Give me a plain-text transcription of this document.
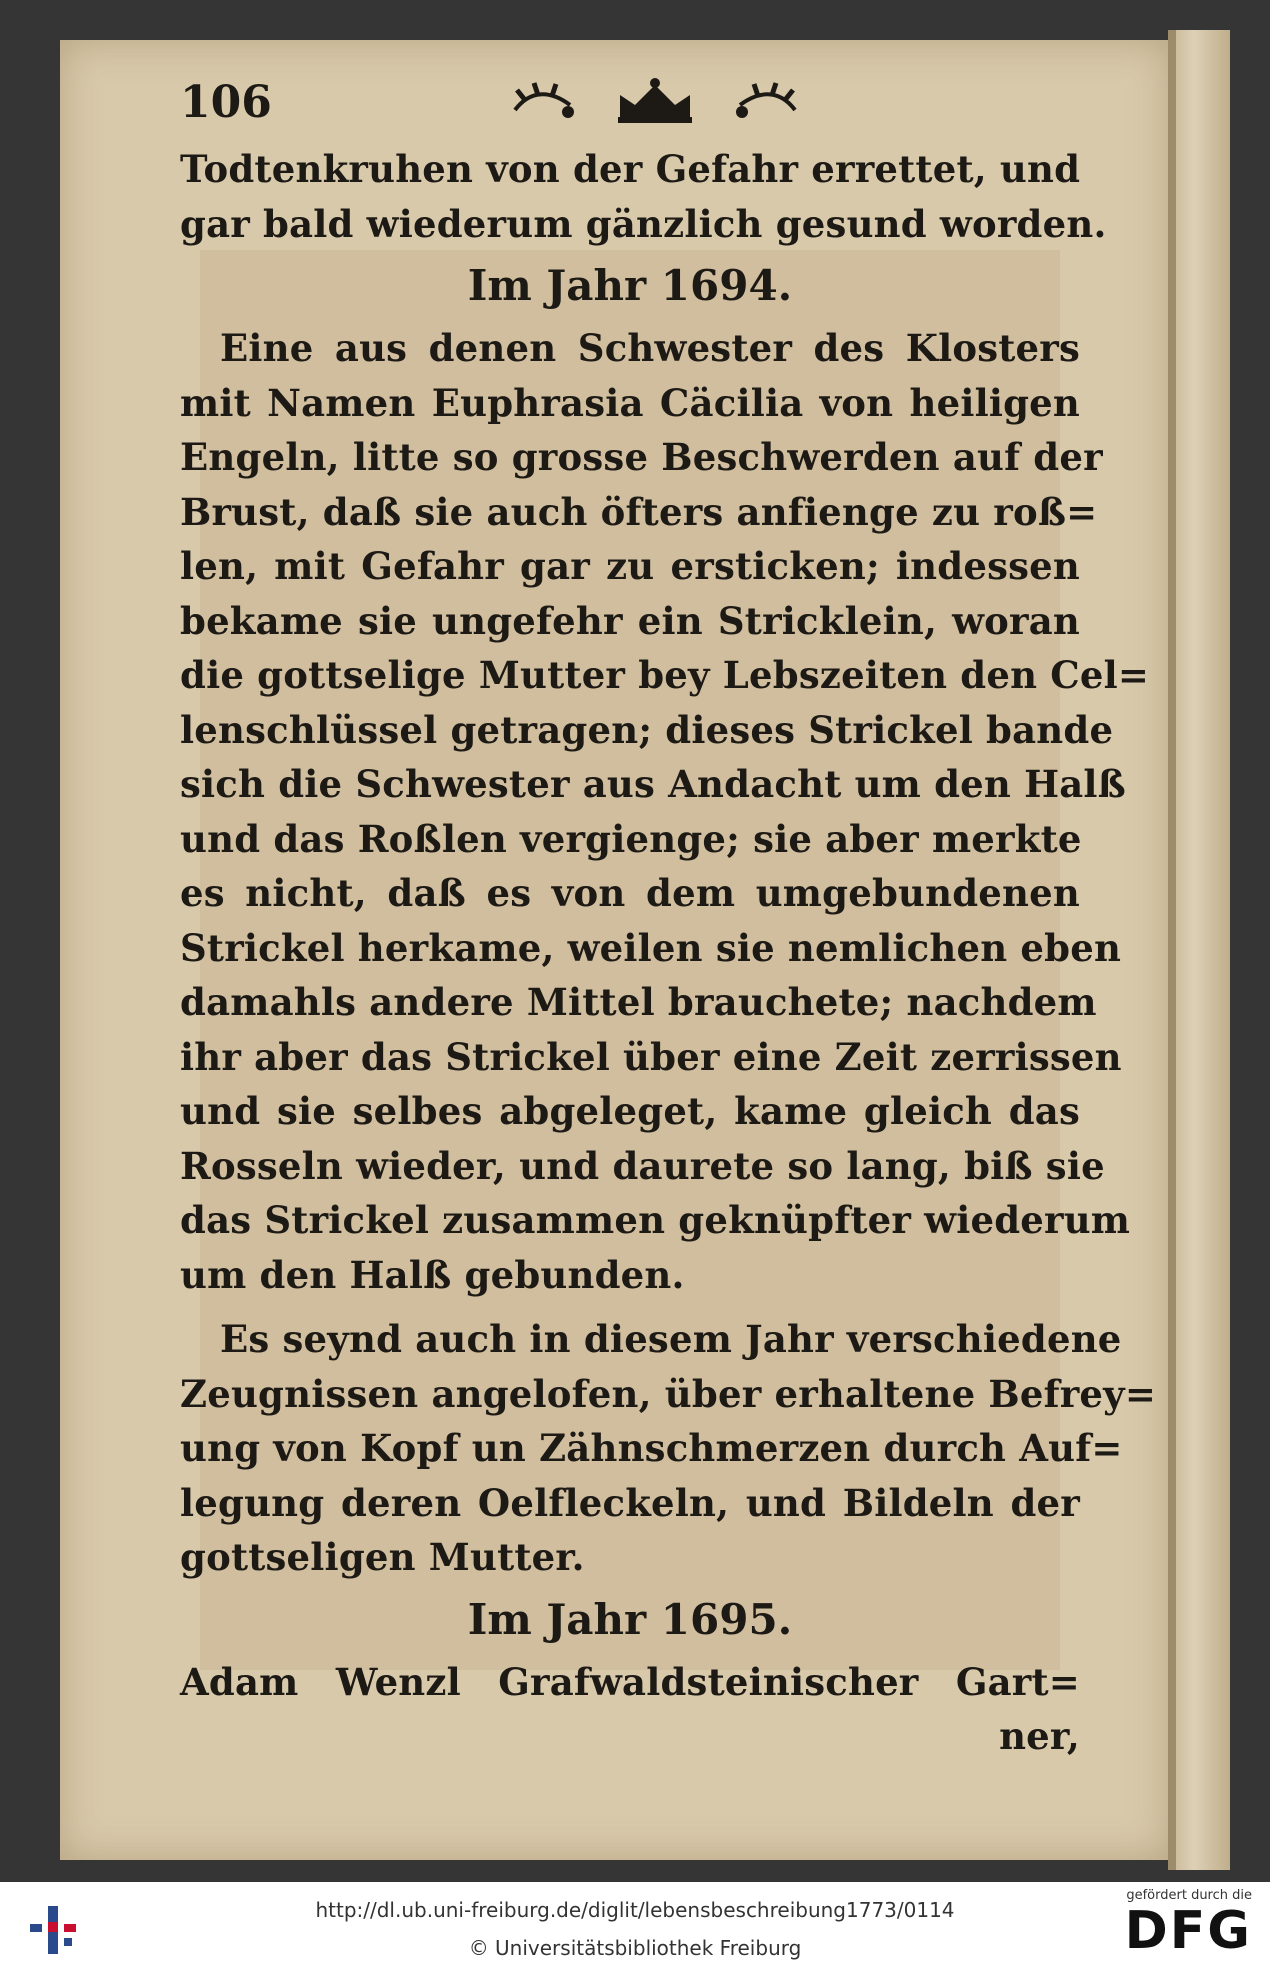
106
Todtenkruhen von der Gefahr errettet, und
gar bald wiederum gänzlich gesund worden.
Im Jahr 1694.
Eine aus denen Schwester des Klosters
mit Namen Euphrasia Cäcilia von heiligen
Engeln, litte so grosse Beschwerden auf der
Brust, daß sie auch öfters anfienge zu roß=
len, mit Gefahr gar zu ersticken; indessen
bekame sie ungefehr ein Stricklein, woran
die gottselige Mutter bey Lebszeiten den Cel=
lenschlüssel getragen; dieses Strickel bande
sich die Schwester aus Andacht um den Halß
und das Roßlen vergienge; sie aber merkte
es nicht, daß es von dem umgebundenen
Strickel herkame, weilen sie nemlichen eben
damahls andere Mittel brauchete; nachdem
ihr aber das Strickel über eine Zeit zerrissen
und sie selbes abgeleget, kame gleich das
Rosseln wieder, und daurete so lang, biß sie
das Strickel zusammen geknüpfter wiederum
um den Halß gebunden.
Es seynd auch in diesem Jahr verschiedene
Zeugnissen angelofen, über erhaltene Befrey=
ung von Kopf un Zähnschmerzen durch Auf=
legung deren Oelfleckeln, und Bildeln der
gottseligen Mutter.
Im Jahr 1695.
Adam Wenzl Grafwaldsteinischer Gart=
ner,
http://dl.ub.uni-freiburg.de/diglit/lebensbeschreibung1773/0114
© Universitätsbibliothek Freiburg
gefördert durch die
DFG
